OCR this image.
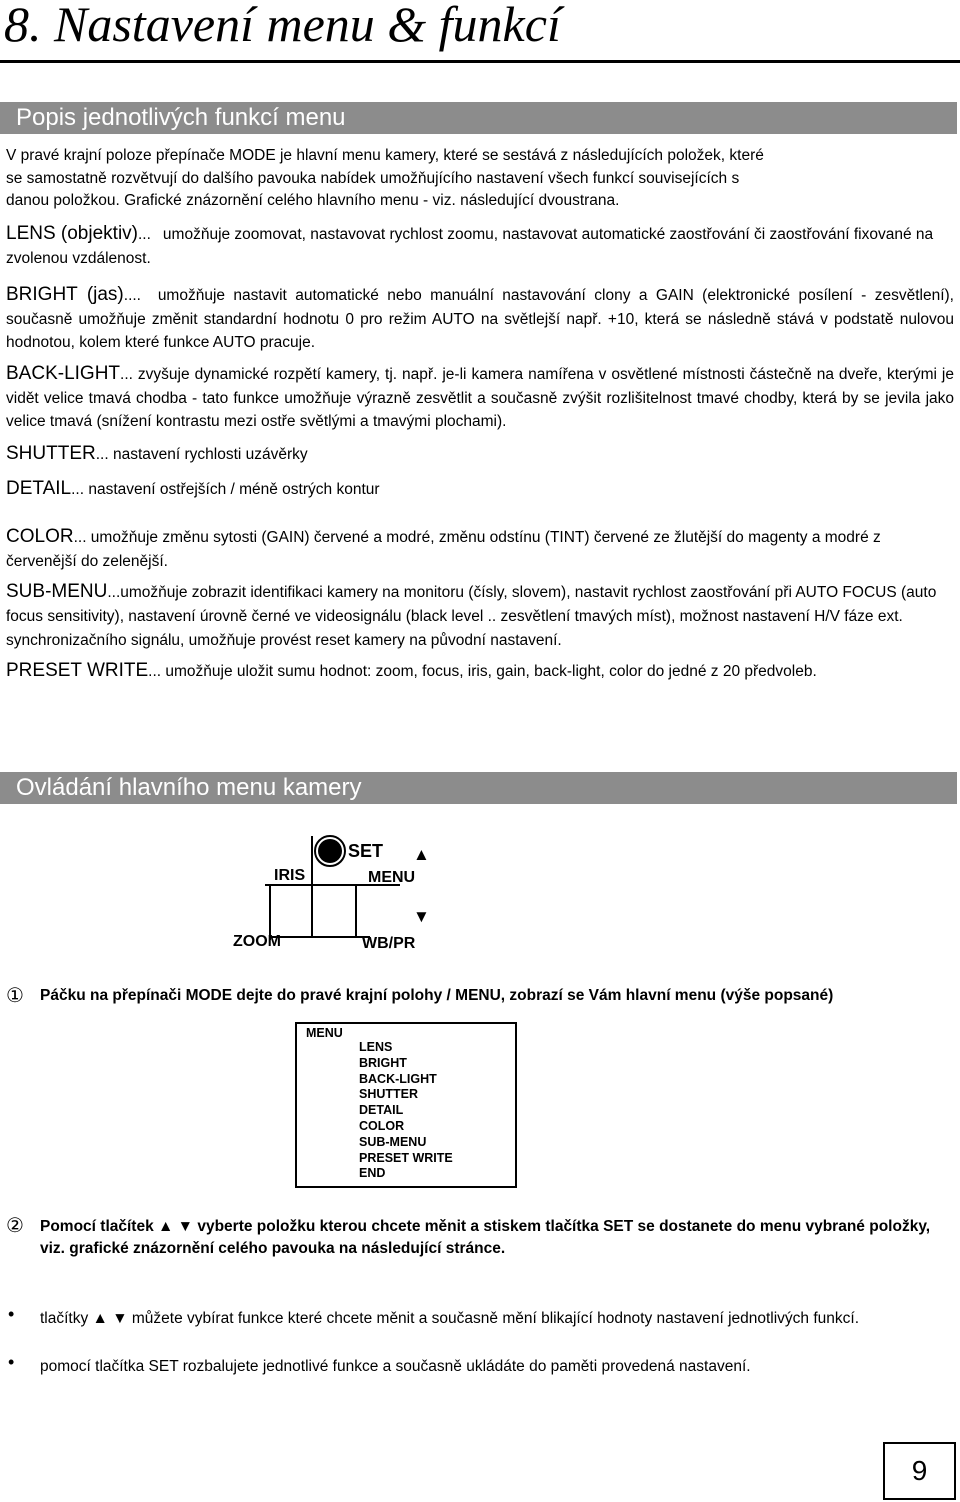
8. Nastavení menu & funkcí
Popis jednotlivých funkcí menu
V pravé krajní poloze přepínače MODE je hlavní menu kamery, které se sestává z následujících položek, které
se samostatně rozvětvují do dalšího pavouka nabídek umožňujícího nastavení všech funkcí souvisejících s
danou položkou. Grafické znázornění celého hlavního menu - viz. následující dvoustrana.
LENS (objektiv)... umožňuje zoomovat, nastavovat rychlost zoomu, nastavovat automatické zaostřování či zaostřování fixované na zvolenou vzdálenost.
BRIGHT (jas).... umožňuje nastavit automatické nebo manuální nastavování clony a GAIN (elektronické posílení - zesvětlení), současně umožňuje změnit standardní hodnotu 0 pro režim AUTO na světlejší např. +10, která se následně stává v podstatě nulovou hodnotou, kolem které funkce AUTO pracuje.
BACK-LIGHT... zvyšuje dynamické rozpětí kamery, tj. např. je-li kamera namířena v osvětlené místnosti částečně na dveře, kterými je vidět velice tmavá chodba - tato funkce umožňuje výrazně zesvětlit a současně zvýšit rozlišitelnost tmavé chodby, která by se jevila jako velice tmavá (snížení kontrastu mezi ostře světlými a tmavými plochami).
SHUTTER... nastavení rychlosti uzávěrky
DETAIL... nastavení ostřejších / méně ostrých kontur
COLOR... umožňuje změnu sytosti (GAIN) červené a modré, změnu odstínu (TINT) červené ze žlutější do magenty a modré z červenější do zelenější.
SUB-MENU...umožňuje zobrazit identifikaci kamery na monitoru (čísly, slovem), nastavit rychlost zaostřování při AUTO FOCUS (auto focus sensitivity), nastavení úrovně černé ve videosignálu (black level .. zesvětlení tmavých míst), možnost nastavení H/V fáze ext. synchronizačního signálu, umožňuje provést reset kamery na původní nastavení.
PRESET WRITE... umožňuje uložit sumu hodnot: zoom, focus, iris, gain, back-light, color do jedné z 20 předvoleb.
Ovládání hlavního menu kamery
SET
IRIS	MENU
ZOOM	WB/PR
▲
▼
① Páčku na přepínači MODE dejte do pravé krajní polohy / MENU, zobrazí se Vám hlavní menu (výše popsané)
MENU
LENS
BRIGHT
BACK-LIGHT
SHUTTER
DETAIL
COLOR
SUB-MENU
PRESET WRITE
END
② Pomocí tlačítek ▲ ▼ vyberte položku kterou chcete měnit a stiskem tlačítka SET se dostanete do menu vybrané položky, viz. grafické znázornění celého pavouka na následující stránce.
• tlačítky ▲ ▼ můžete vybírat funkce které chcete měnit a současně mění blikající hodnoty nastavení jednotlivých funkcí.
• pomocí tlačítka SET rozbalujete jednotlivé funkce a současně ukládáte do paměti provedená nastavení.
9
